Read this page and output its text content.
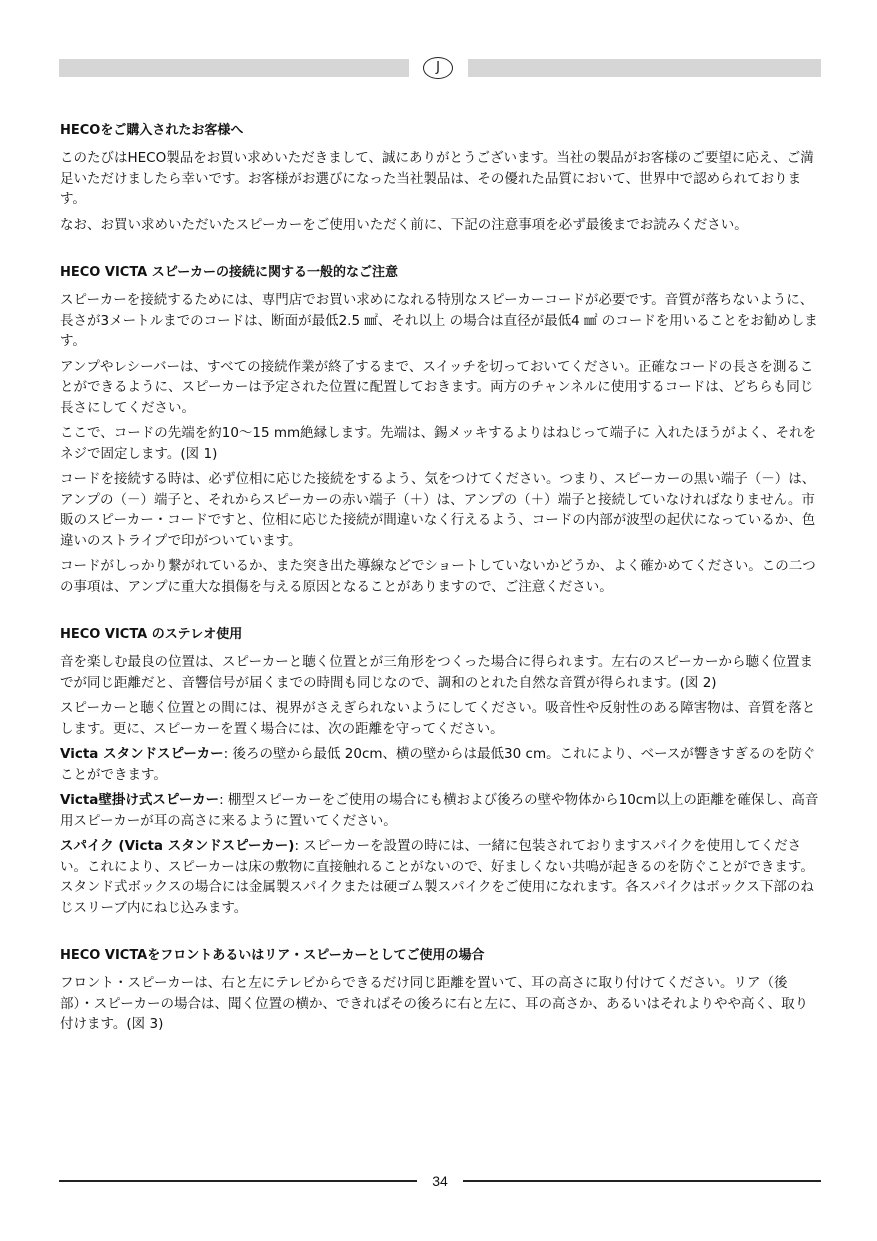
J
HECOをご購入されたお客様へ

このたびはHECO製品をお買い求めいただきまして、誠にありがとうございます。当社の製品がお客様のご要望に応え、ご満足いただけましたら幸いです。お客様がお選びになった当社製品は、その優れた品質において、世界中で認められております。

なお、お買い求めいただいたスピーカーをご使用いただく前に、下記の注意事項を必ず最後までお読みください。

HECO VICTA スピーカーの接続に関する一般的なご注意

スピーカーを接続するためには、専門店でお買い求めになれる特別なスピーカーコードが必要です。音質が落ちないように、長さが3メートルまでのコードは、断面が最低2.5 ㎟、それ以上 の場合は直径が最低4 ㎟ のコードを用いることをお勧めします。

アンプやレシーバーは、すべての接続作業が終了するまで、スイッチを切っておいてください。正確なコードの長さを測ることができるように、スピーカーは予定された位置に配置しておきます。両方のチャンネルに使用するコードは、どちらも同じ長さにしてください。

ここで、コードの先端を約10～15 mm絶縁します。先端は、錫メッキするよりはねじって端子に 入れたほうがよく、それをネジで固定します。(図 1)

コードを接続する時は、必ず位相に応じた接続をするよう、気をつけてください。つまり、スピーカーの黒い端子（－）は、アンプの（－）端子と、それからスピーカーの赤い端子（＋）は、アンプの（＋）端子と接続していなければなりません。市販のスピーカー・コードですと、位相に応じた接続が間違いなく行えるよう、コードの内部が波型の起伏になっているか、色違いのストライプで印がついています。

コードがしっかり繋がれているか、また突き出た導線などでショートしていないかどうか、よく確かめてください。この二つの事項は、アンプに重大な損傷を与える原因となることがありますので、ご注意ください。

HECO VICTA のステレオ使用

音を楽しむ最良の位置は、スピーカーと聴く位置とが三角形をつくった場合に得られます。左右のスピーカーから聴く位置までが同じ距離だと、音響信号が届くまでの時間も同じなので、調和のとれた自然な音質が得られます。(図 2)

スピーカーと聴く位置との間には、視界がさえぎられないようにしてください。吸音性や反射性のある障害物は、音質を落とします。更に、スピーカーを置く場合には、次の距離を守ってください。

Victa スタンドスピーカー: 後ろの壁から最低 20cm、横の壁からは最低30 cm。これにより、ベースが響きすぎるのを防ぐことができます。

Victa壁掛け式スピーカー: 棚型スピーカーをご使用の場合にも横および後ろの壁や物体から10cm以上の距離を確保し、高音用スピーカーが耳の高さに来るように置いてください。

スパイク (Victa スタンドスピーカー): スピーカーを設置の時には、一緒に包装されておりますスパイクを使用してください。これにより、スピーカーは床の敷物に直接触れることがないので、好ましくない共鳴が起きるのを防ぐことができます。スタンド式ボックスの場合には金属製スパイクまたは硬ゴム製スパイクをご使用になれます。各スパイクはボックス下部のねじスリーブ内にねじ込みます。

HECO VICTAをフロントあるいはリア・スピーカーとしてご使用の場合

フロント・スピーカーは、右と左にテレビからできるだけ同じ距離を置いて、耳の高さに取り付けてください。リア（後部）・スピーカーの場合は、聞く位置の横か、できればその後ろに右と左に、耳の高さか、あるいはそれよりやや高く、取り付けます。(図 3)

34
